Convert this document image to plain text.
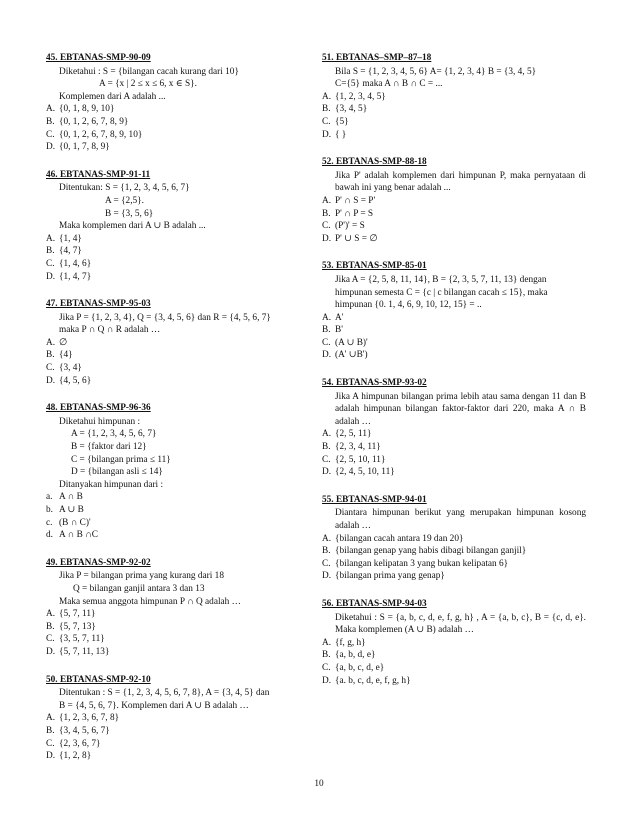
45. EBTANAS-SMP-90-09
Diketahui : S = {bilangan cacah kurang dari 10}
A = {x | 2 ≤ x ≤ 6, x ∈ S}.
Komplemen dari A adalah ...
A. {0, 1, 8, 9, 10}
B. {0, 1, 2, 6, 7, 8, 9}
C. {0, 1, 2, 6, 7, 8, 9, 10}
D. {0, 1, 7, 8, 9}
46. EBTANAS-SMP-91-11
Ditentukan: S = {1, 2, 3, 4, 5, 6, 7}
A = {2,5}.
B = {3, 5, 6}
Maka komplemen dari A ∪ B adalah ...
A. {1, 4}
B. {4, 7}
C. {1, 4, 6}
D. {1, 4, 7}
47. EBTANAS-SMP-95-03
Jika P = {1, 2, 3, 4}, Q = {3, 4, 5, 6} dan R = {4, 5, 6, 7}
maka P ∩ Q ∩ R adalah …
A. ∅
B. {4}
C. {3, 4}
D. {4, 5, 6}
48. EBTANAS-SMP-96-36
Diketahui himpunan :
A = {1, 2, 3, 4, 5, 6, 7}
B = {faktor dari 12}
C = {bilangan prima ≤ 11}
D = {bilangan asli ≤ 14}
Ditanyakan himpunan dari :
a. A ∩ B
b. A ∪ B
c. (B ∩ C)'
d. A ∩ B ∩C
49. EBTANAS-SMP-92-02
Jika P = bilangan prima yang kurang dari 18
Q = bilangan ganjil antara 3 dan 13
Maka semua anggota himpunan P ∩ Q adalah …
A. {5, 7, 11}
B. {5, 7, 13}
C. {3, 5, 7, 11}
D. {5, 7, 11, 13}
50. EBTANAS-SMP-92-10
Ditentukan : S = {1, 2, 3, 4, 5, 6, 7, 8}, A = {3, 4, 5} dan
B = {4, 5, 6, 7}. Komplemen dari A ∪ B adalah …
A. {1, 2, 3, 6, 7, 8}
B. {3, 4, 5, 6, 7}
C. {2, 3, 6, 7}
D. {1, 2, 8}
51. EBTANAS–SMP–87–18
Bila S = {1, 2, 3, 4, 5, 6} A= {1, 2, 3, 4} B = {3, 4, 5}
C={5} maka A ∩ B ∩ C = ...
A. {1, 2, 3, 4, 5}
B. {3, 4, 5}
C. {5}
D. { }
52. EBTANAS-SMP-88-18
Jika P' adalah komplemen dari himpunan P, maka pernyataan di bawah ini yang benar adalah ...
A. P' ∩ S = P'
B. P' ∩ P = S
C. (P')' = S
D. P' ∪ S = ∅
53. EBTANAS-SMP-85-01
Jika A = {2, 5, 8, 11, 14}, B = {2, 3, 5, 7, 11, 13} dengan
himpunan semesta C = {c | c bilangan cacah ≤ 15}, maka
himpunan {0. 1, 4, 6, 9, 10, 12, 15} = ..
A. A'
B. B'
C. (A ∪ B)'
D. (A' ∪B')
54. EBTANAS-SMP-93-02
Jika A himpunan bilangan prima lebih atau sama dengan 11 dan B adalah himpunan bilangan faktor-faktor dari 220, maka A ∩ B adalah …
A. {2, 5, 11}
B. {2, 3, 4, 11}
C. {2, 5, 10, 11}
D. {2, 4, 5, 10, 11}
55. EBTANAS-SMP-94-01
Diantara himpunan berikut yang merupakan himpunan kosong adalah …
A. {bilangan cacah antara 19 dan 20}
B. {bilangan genap yang habis dibagi bilangan ganjil}
C. {bilangan kelipatan 3 yang bukan kelipatan 6}
D. {bilangan prima yang genap}
56. EBTANAS-SMP-94-03
Diketahui : S = {a, b, c, d, e, f, g, h} , A = {a, b, c}, B = {c, d, e}. Maka komplemen (A ∪ B) adalah …
A. {f, g, h}
B. {a, b, d, e}
C. {a, b, c, d, e}
D. {a. b, c, d, e, f, g, h}
10
